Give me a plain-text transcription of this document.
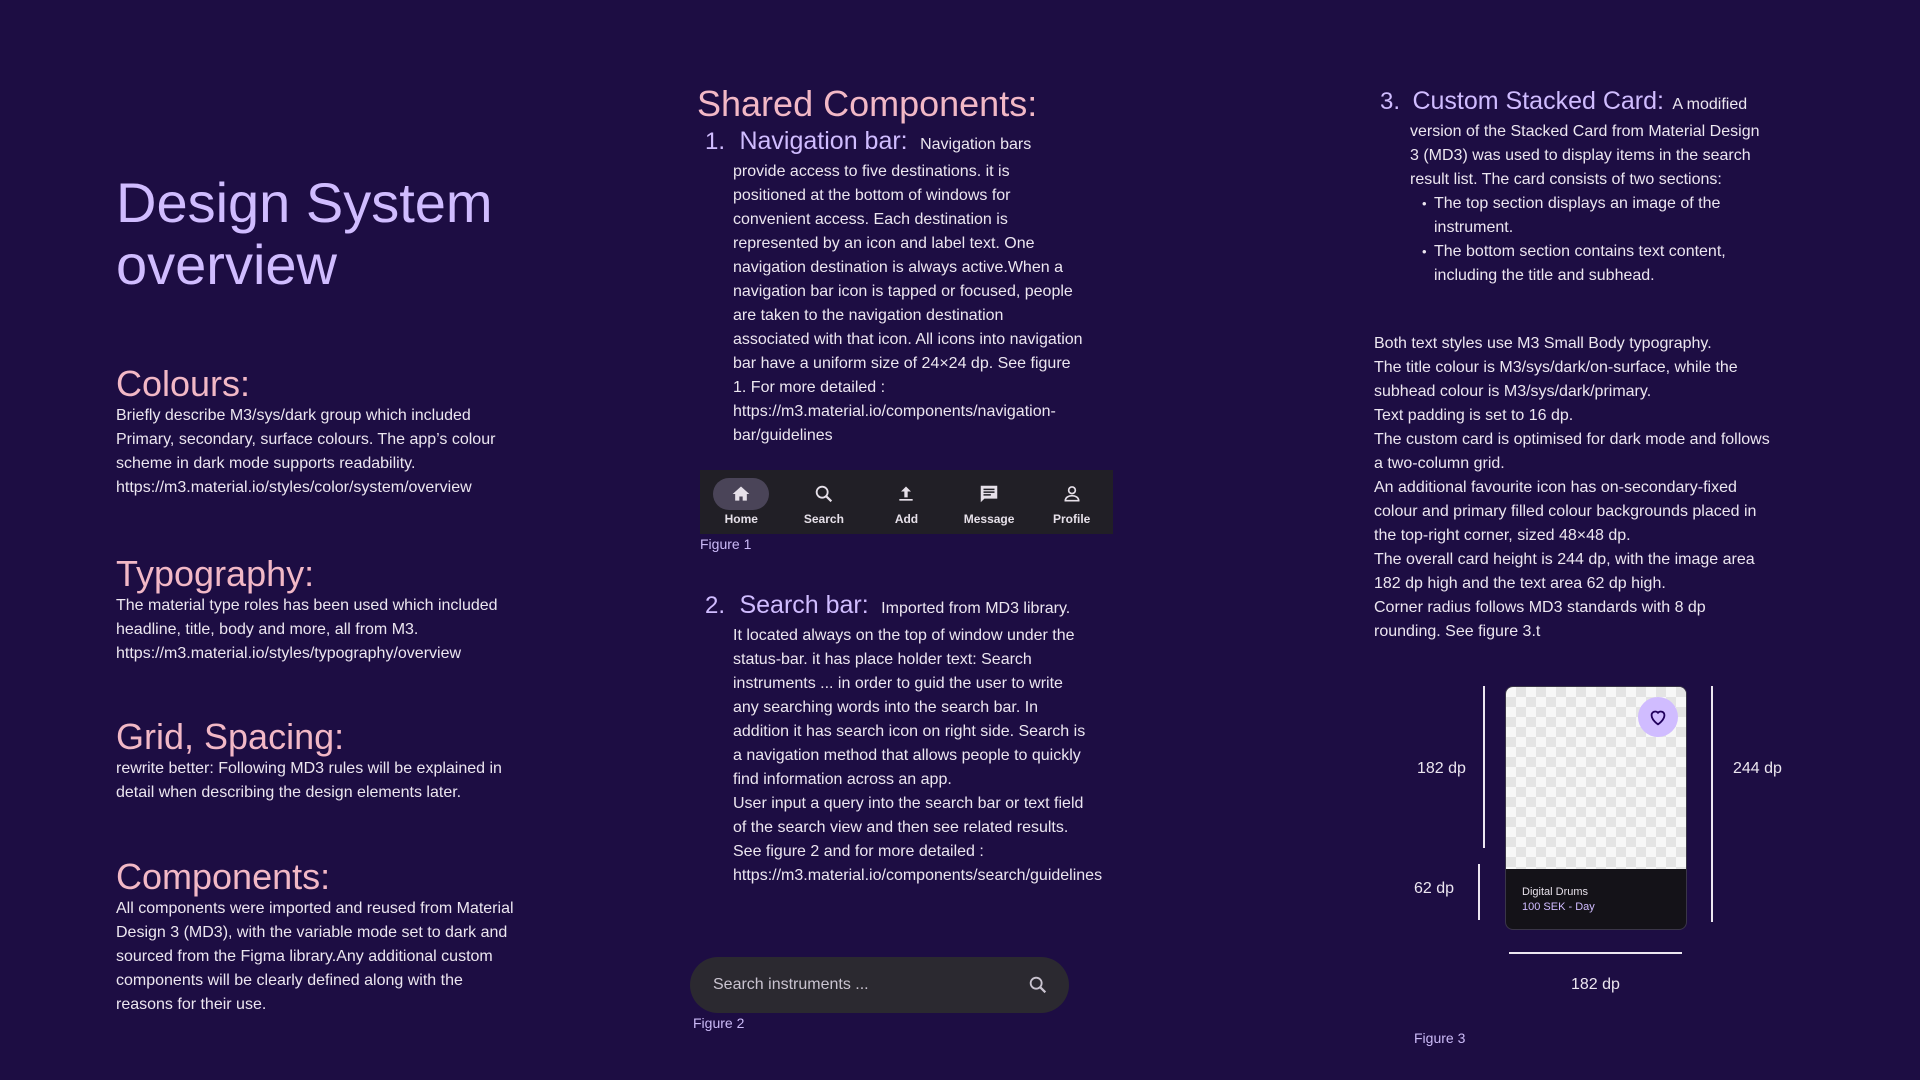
Design System overview
Colours:
Briefly describe M3/sys/dark group which included Primary, secondary, surface colours. The app’s colour scheme in dark mode supports readability. https://m3.material.io/styles/color/system/overview
Typography:
The material type roles has been used which included headline, title, body and more, all from M3. https://m3.material.io/styles/typography/overview
Grid, Spacing:
rewrite better: Following MD3 rules will be explained in detail when describing the design elements later.
Components:
All components were imported and reused from Material Design 3 (MD3), with the variable mode set to dark and sourced from the Figma library.Any additional custom components will be clearly defined along with the reasons for their use.
Shared Components:
1. Navigation bar: Navigation bars
provide access to five destinations. it is positioned at the bottom of windows for convenient access. Each destination is represented by an icon and label text. One navigation destination is always active.When a navigation bar icon is tapped or focused, people are taken to the navigation destination associated with that icon. All icons into navigation bar have a uniform size of 24×24 dp. See figure 1. For more detailed : https://m3.material.io/components/navigation-bar/guidelines
Home	Search	Add	Message	Profile
Figure 1
2. Search bar: Imported from MD3 library.
It located always on the top of window under the status-bar. it has place holder text: Search instruments ... in order to guid the user to write any searching words into the search bar. In addition it has search icon on right side. Search is a navigation method that allows people to quickly find information across an app.
User input a query into the search bar or text field of the search view and then see related results. See figure 2 and for more detailed : https://m3.material.io/components/search/guidelines
Search instruments ...
Figure 2
3. Custom Stacked Card: A modified
version of the Stacked Card from Material Design 3 (MD3) was used to display items in the search result list. The card consists of two sections:
• The top section displays an image of the instrument.
• The bottom section contains text content, including the title and subhead.
Both text styles use M3 Small Body typography.
The title colour is M3/sys/dark/on-surface, while the subhead colour is M3/sys/dark/primary.
Text padding is set to 16 dp.
The custom card is optimised for dark mode and follows a two-column grid.
An additional favourite icon has on-secondary-fixed colour and primary filled colour backgrounds placed in the top-right corner, sized 48×48 dp.
The overall card height is 244 dp, with the image area 182 dp high and the text area 62 dp high.
Corner radius follows MD3 standards with 8 dp rounding. See figure 3.t
Digital Drums
100 SEK - Day
182 dp
62 dp
244 dp
182 dp
Figure 3
